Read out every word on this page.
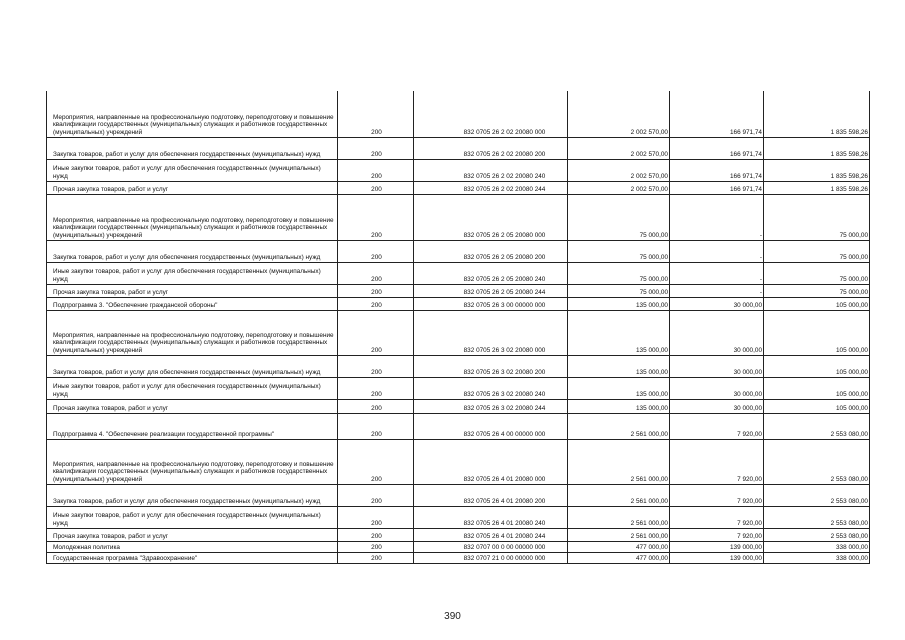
Мероприятия, направленные на профессиональную подготовку, переподготовку и повышение квалификации государственных (муниципальных) служащих и работников государственных (муниципальных) учреждений	200	832 0705 26 2 02 20080 000	2 002 570,00	166 971,74	1 835 598,26
Закупка товаров, работ и услуг для обеспечения государственных (муниципальных) нужд	200	832 0705 26 2 02 20080 200	2 002 570,00	166 971,74	1 835 598,26
Иные закупки товаров, работ и услуг для обеспечения государственных (муниципальных) нужд	200	832 0705 26 2 02 20080 240	2 002 570,00	166 971,74	1 835 598,26
Прочая закупка товаров, работ и услуг	200	832 0705 26 2 02 20080 244	2 002 570,00	166 971,74	1 835 598,26
Мероприятия, направленные на профессиональную подготовку, переподготовку и повышение квалификации государственных (муниципальных) служащих и работников государственных (муниципальных) учреждений	200	832 0705 26 2 05 20080 000	75 000,00	-	75 000,00
Закупка товаров, работ и услуг для обеспечения государственных (муниципальных) нужд	200	832 0705 26 2 05 20080 200	75 000,00	-	75 000,00
Иные закупки товаров, работ и услуг для обеспечения государственных (муниципальных) нужд	200	832 0705 26 2 05 20080 240	75 000,00	-	75 000,00
Прочая закупка товаров, работ и услуг	200	832 0705 26 2 05 20080 244	75 000,00	-	75 000,00
Подпрограмма 3. "Обеспечение гражданской обороны"	200	832 0705 26 3 00 00000 000	135 000,00	30 000,00	105 000,00
Мероприятия, направленные на профессиональную подготовку, переподготовку и повышение квалификации государственных (муниципальных) служащих и работников государственных (муниципальных) учреждений	200	832 0705 26 3 02 20080 000	135 000,00	30 000,00	105 000,00
Закупка товаров, работ и услуг для обеспечения государственных (муниципальных) нужд	200	832 0705 26 3 02 20080 200	135 000,00	30 000,00	105 000,00
Иные закупки товаров, работ и услуг для обеспечения государственных (муниципальных) нужд	200	832 0705 26 3 02 20080 240	135 000,00	30 000,00	105 000,00
Прочая закупка товаров, работ и услуг	200	832 0705 26 3 02 20080 244	135 000,00	30 000,00	105 000,00
Подпрограмма 4. "Обеспечение реализации государственной программы"	200	832 0705 26 4 00 00000 000	2 561 000,00	7 920,00	2 553 080,00
Мероприятия, направленные на профессиональную подготовку, переподготовку и повышение квалификации государственных (муниципальных) служащих и работников государственных (муниципальных) учреждений	200	832 0705 26 4 01 20080 000	2 561 000,00	7 920,00	2 553 080,00
Закупка товаров, работ и услуг для обеспечения государственных (муниципальных) нужд	200	832 0705 26 4 01 20080 200	2 561 000,00	7 920,00	2 553 080,00
Иные закупки товаров, работ и услуг для обеспечения государственных (муниципальных) нужд	200	832 0705 26 4 01 20080 240	2 561 000,00	7 920,00	2 553 080,00
Прочая закупка товаров, работ и услуг	200	832 0705 26 4 01 20080 244	2 561 000,00	7 920,00	2 553 080,00
Молодежная политика	200	832 0707 00 0 00 00000 000	477 000,00	139 000,00	338 000,00
Государственная программа "Здравоохранение"	200	832 0707 21 0 00 00000 000	477 000,00	139 000,00	338 000,00
390
